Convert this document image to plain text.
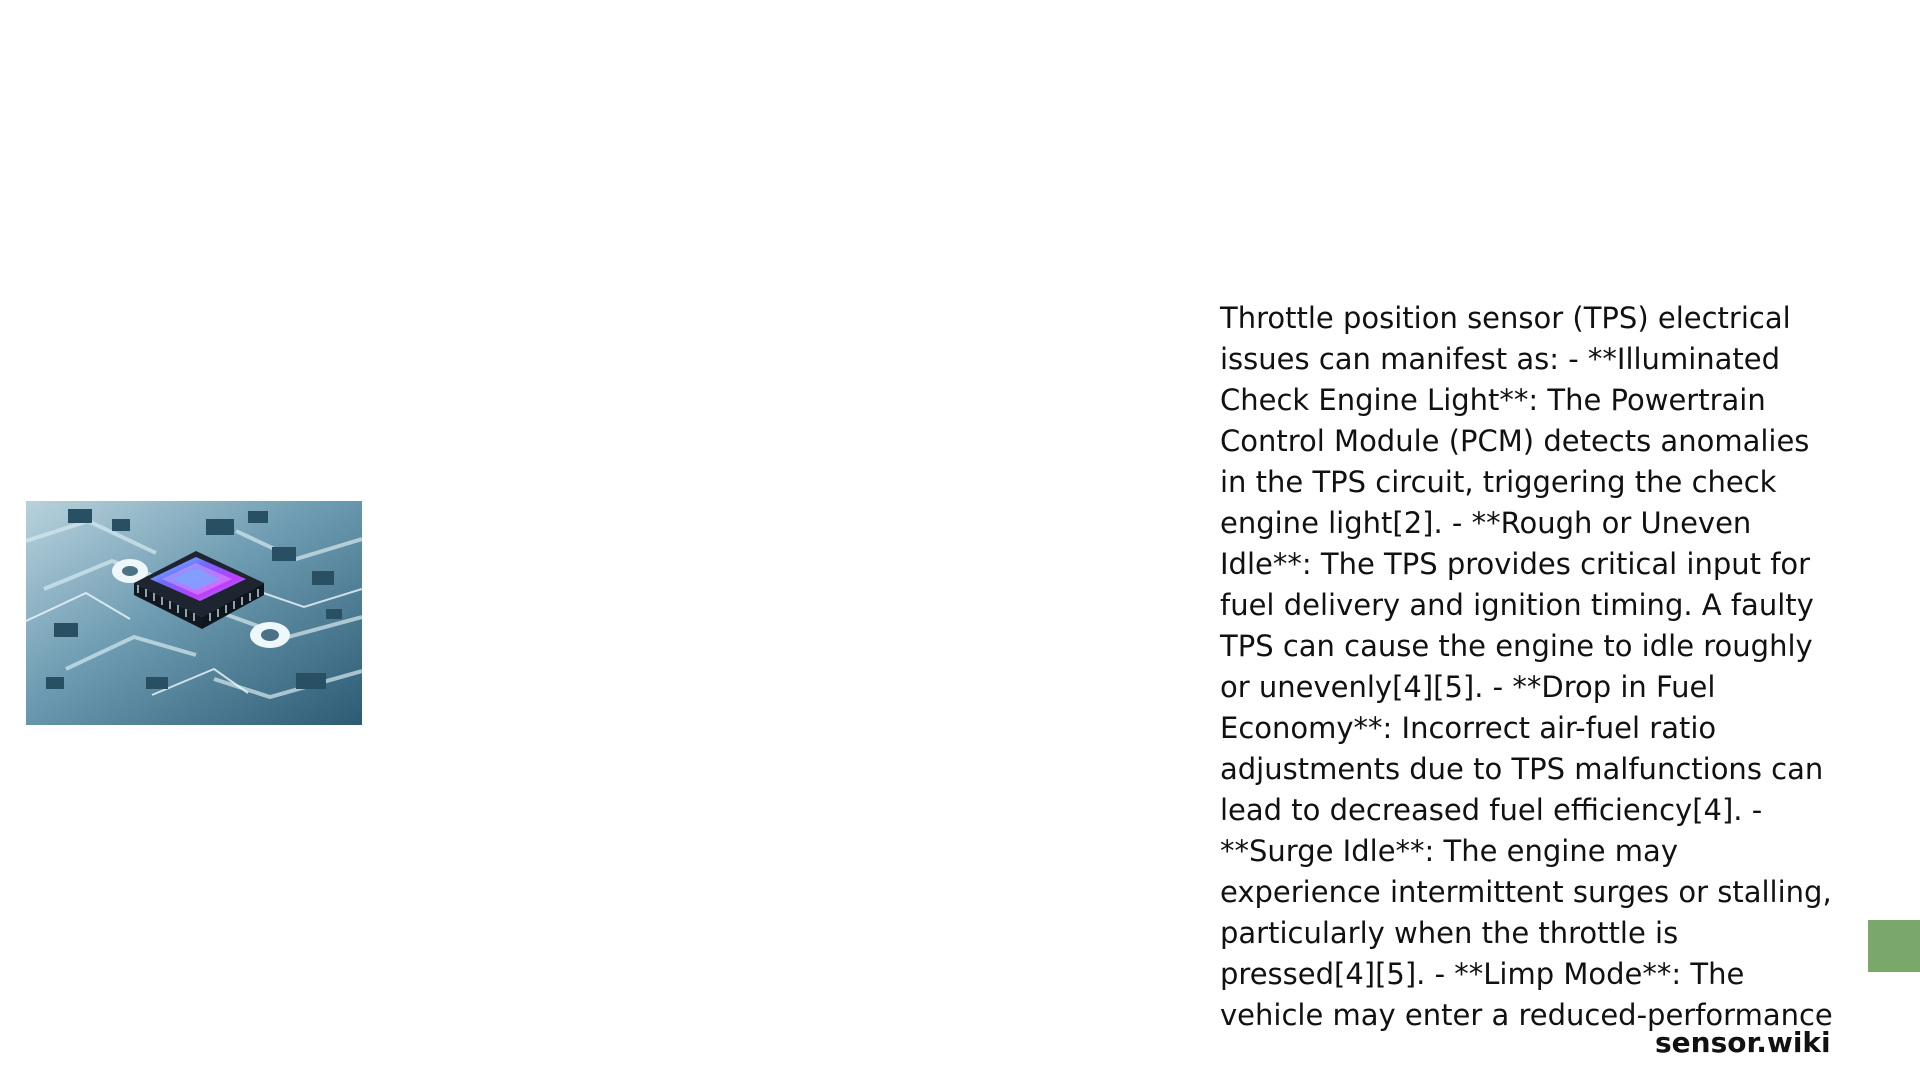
Throttle position sensor (TPS) electrical issues can manifest as: - **Illuminated Check Engine Light**: The Powertrain Control Module (PCM) detects anomalies in the TPS circuit, triggering the check engine light[2]. - **Rough or Uneven Idle**: The TPS provides critical input for fuel delivery and ignition timing. A faulty TPS can cause the engine to idle roughly or unevenly[4][5]. - **Drop in Fuel Economy**: Incorrect air-fuel ratio adjustments due to TPS malfunctions can lead to decreased fuel efficiency[4]. - **Surge Idle**: The engine may experience intermittent surges or stalling, particularly when the throttle is pressed[4][5]. - **Limp Mode**: The vehicle may enter a reduced-performance

sensor.wiki
